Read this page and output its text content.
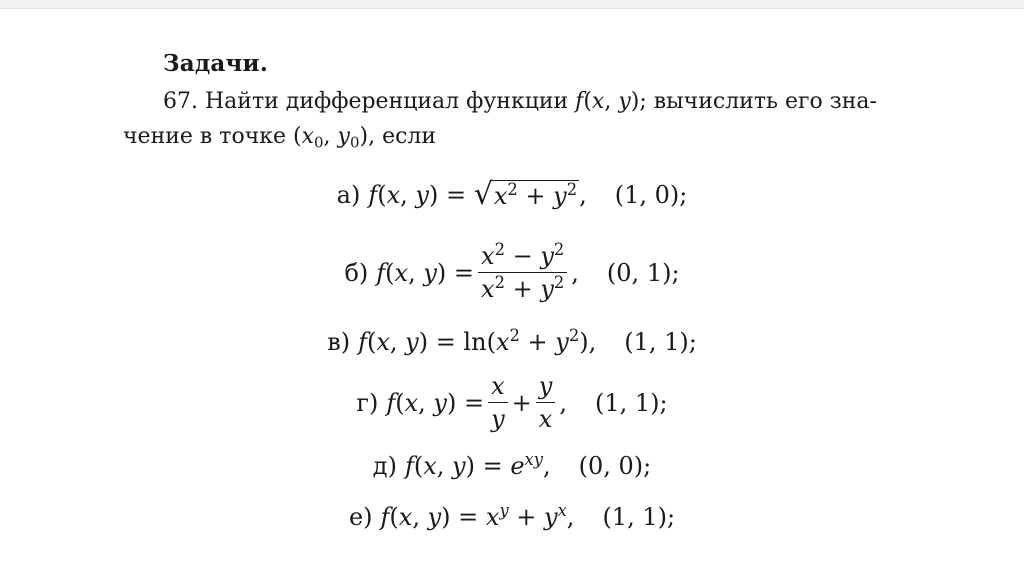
Задачи.
67. Найти дифференциал функции f(x, y); вычислить его зна-
чение в точке ($x_0$, $y_0$), если
а) f(x, y) = √ $x^2 + y^2$ , (1, 0);
б) f(x, $y) = \frac{x^2 - y^2}{x^2 + y^2}$ , (0, 1);
в) f(x, $y) = \ln(x^2 + y^2)$, (1, 1);
г) f(x, $y) = \frac{x}{y} + \frac{y}{x}$ , (1, 1);
д) f(x, $y) = e^{xy}$, (0, 0);
е) f(x, $y) = x^y + y^x$, (1, 1);
